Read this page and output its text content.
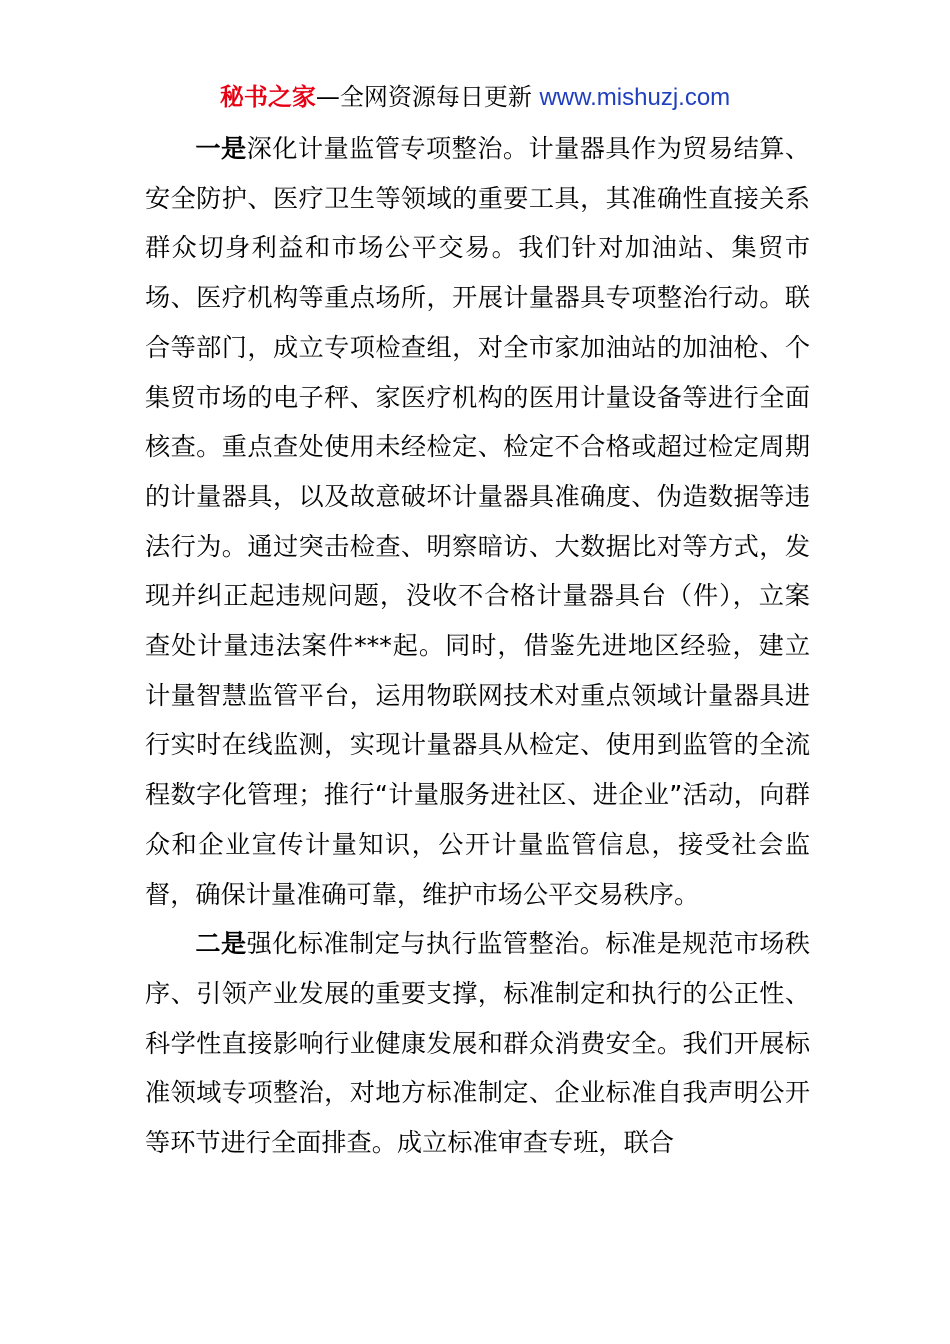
秘书之家—全网资源每日更新 www.mishuzj.com

一是深化计量监管专项整治。计量器具作为贸易结算、安全防护、医疗卫生等领域的重要工具，其准确性直接关系群众切身利益和市场公平交易。我们针对加油站、集贸市场、医疗机构等重点场所，开展计量器具专项整治行动。联合等部门，成立专项检查组，对全市家加油站的加油枪、个集贸市场的电子秤、家医疗机构的医用计量设备等进行全面核查。重点查处使用未经检定、检定不合格或超过检定周期的计量器具，以及故意破坏计量器具准确度、伪造数据等违法行为。通过突击检查、明察暗访、大数据比对等方式，发现并纠正起违规问题，没收不合格计量器具台（件），立案查处计量违法案件***起。同时，借鉴先进地区经验，建立计量智慧监管平台，运用物联网技术对重点领域计量器具进行实时在线监测，实现计量器具从检定、使用到监管的全流程数字化管理；推行“计量服务进社区、进企业”活动，向群众和企业宣传计量知识，公开计量监管信息，接受社会监督，确保计量准确可靠，维护市场公平交易秩序。

二是强化标准制定与执行监管整治。标准是规范市场秩序、引领产业发展的重要支撑，标准制定和执行的公正性、科学性直接影响行业健康发展和群众消费安全。我们开展标准领域专项整治，对地方标准制定、企业标准自我声明公开等环节进行全面排查。成立标准审查专班，联合
